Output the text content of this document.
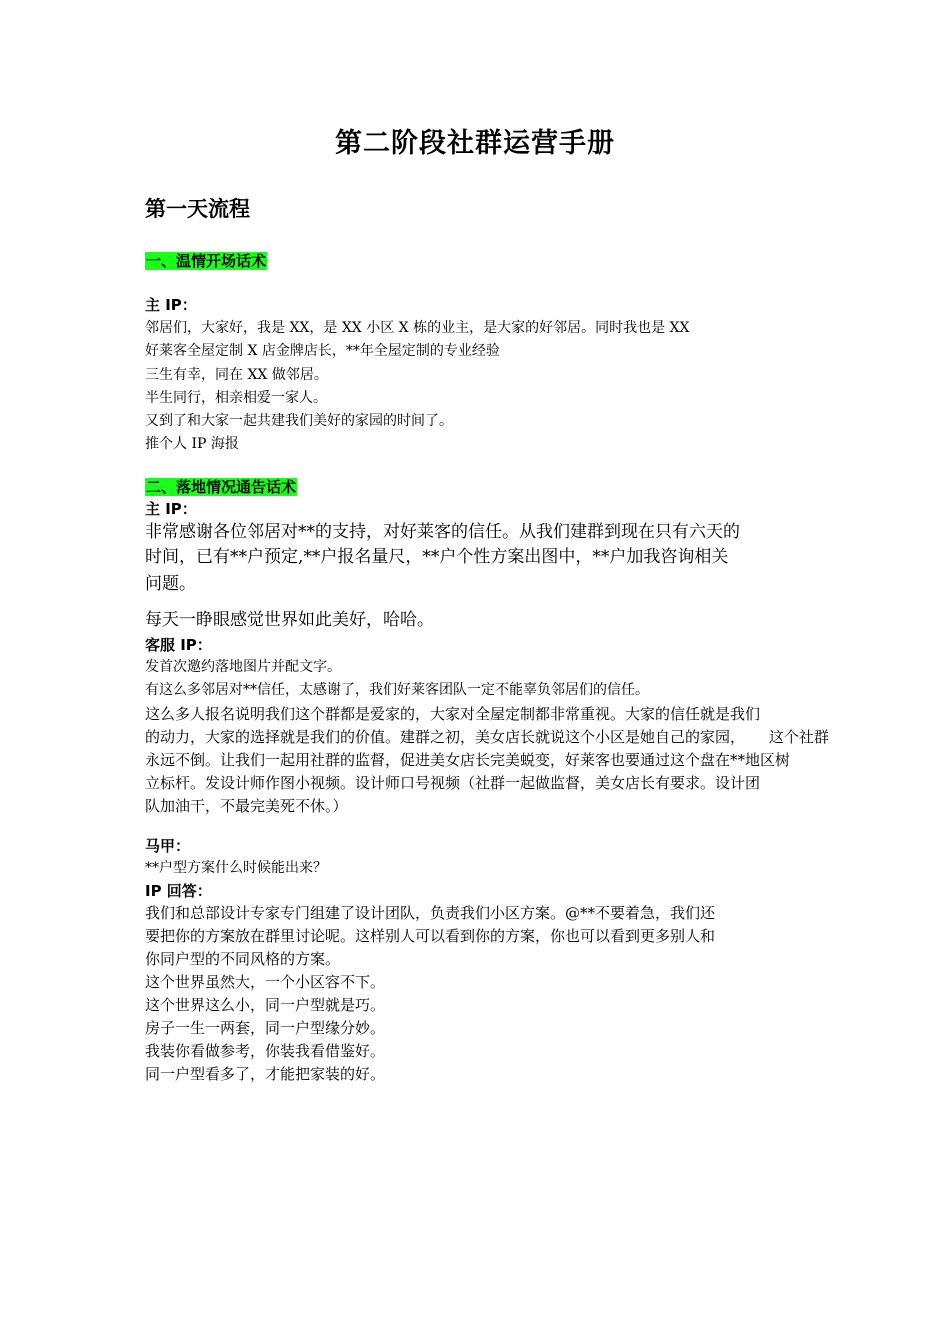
第二阶段社群运营手册
第一天流程
一、温情开场话术
主 IP：

邻居们，大家好，我是 XX，是 XX 小区 X 栋的业主，是大家的好邻居。同时我也是 XX

好莱客全屋定制 X 店金牌店长，**年全屋定制的专业经验

三生有幸，同在 XX 做邻居。

半生同行，相亲相爱一家人。

又到了和大家一起共建我们美好的家园的时间了。

推个人 IP 海报

二、落地情况通告话术
主 IP：

非常感谢各位邻居对**的支持，对好莱客的信任。从我们建群到现在只有六天的

时间，已有**户预定,**户报名量尺，**户个性方案出图中，**户加我咨询相关

问题。

每天一睁眼感觉世界如此美好，哈哈。

客服 IP：

发首次邀约落地图片并配文字。

有这么多邻居对**信任，太感谢了，我们好莱客团队一定不能辜负邻居们的信任。

这么多人报名说明我们这个群都是爱家的，大家对全屋定制都非常重视。大家的信任就是我们

的动力，大家的选择就是我们的价值。建群之初，美女店长就说这个小区是她自己的家园，     这个社群

永远不倒。让我们一起用社群的监督，促进美女店长完美蜕变，好莱客也要通过这个盘在**地区树

立标杆。发设计师作图小视频。设计师口号视频（社群一起做监督，美女店长有要求。设计团

队加油干，不最完美死不休。）

马甲：

**户型方案什么时候能出来？

IP 回答：

我们和总部设计专家专门组建了设计团队，负责我们小区方案。@**不要着急，我们还

要把你的方案放在群里讨论呢。这样别人可以看到你的方案，你也可以看到更多别人和

你同户型的不同风格的方案。

这个世界虽然大，一个小区容不下。

这个世界这么小，同一户型就是巧。

房子一生一两套，同一户型缘分妙。

我装你看做参考，你装我看借鉴好。

同一户型看多了，才能把家装的好。
